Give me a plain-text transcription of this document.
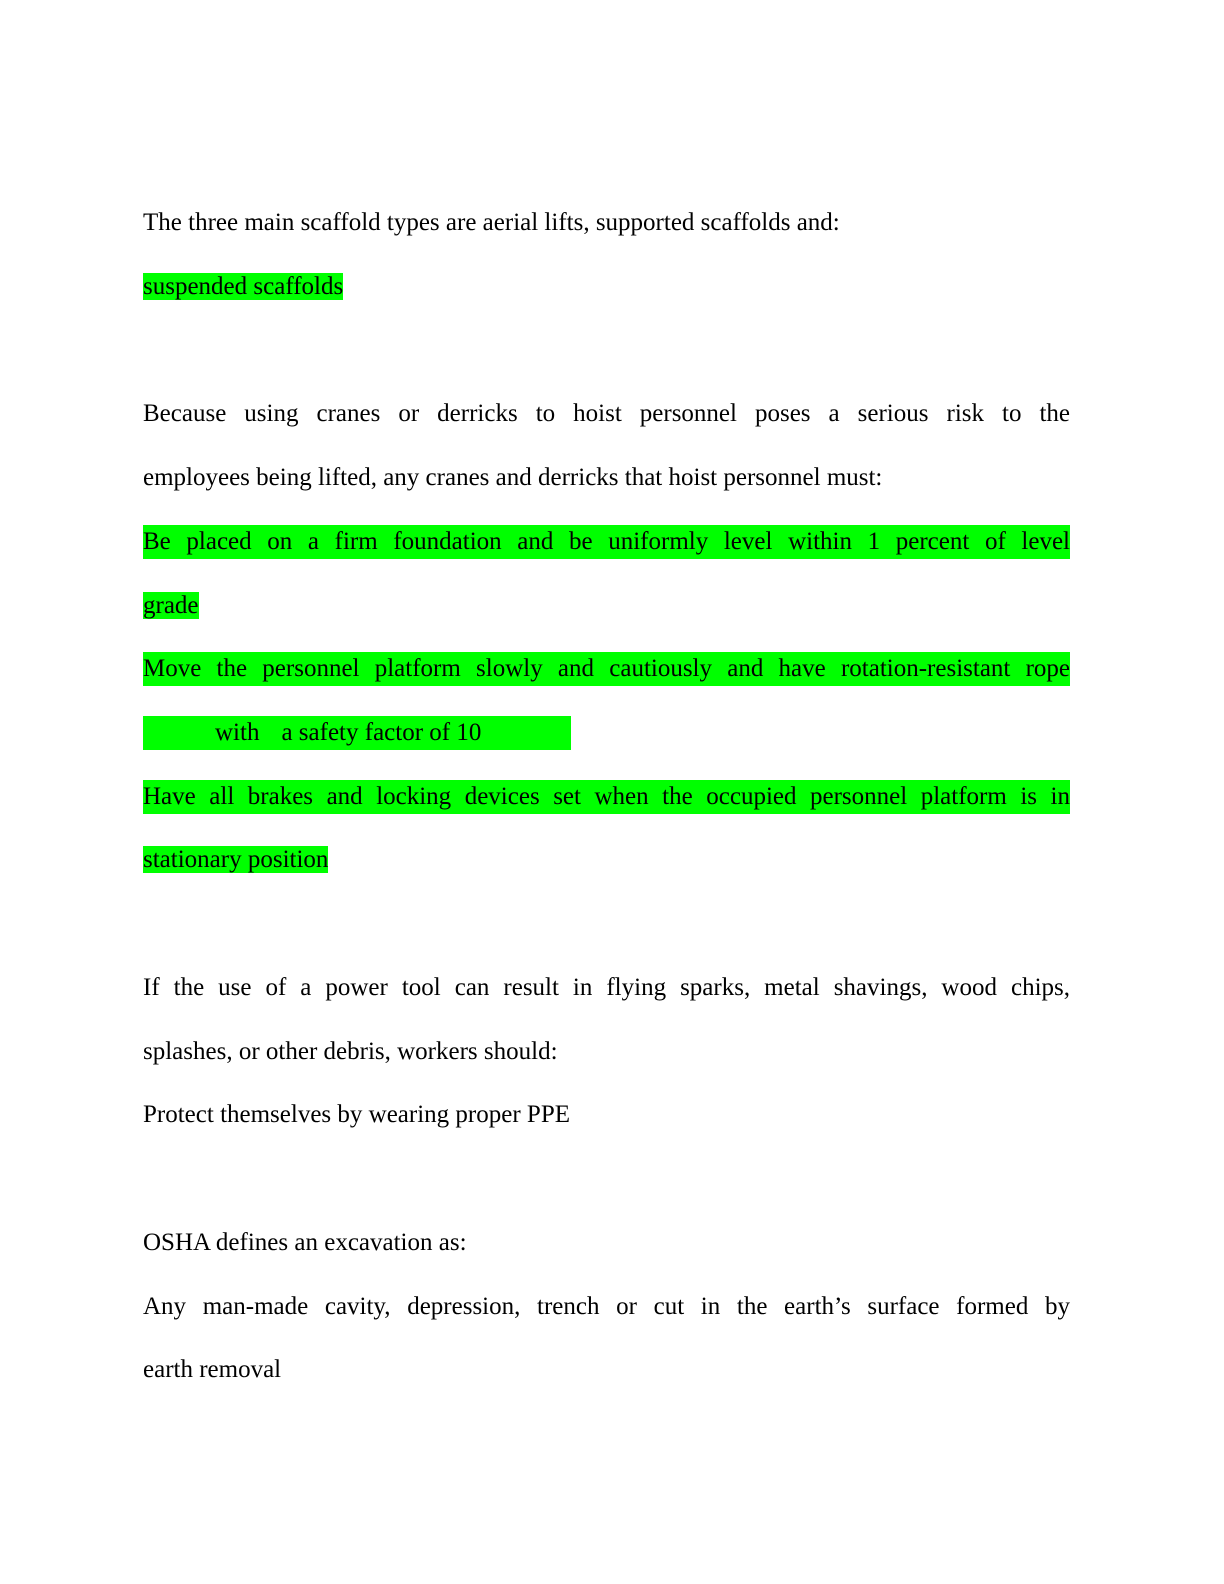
The three main scaffold types are aerial lifts, supported scaffolds and:
suspended scaffolds
Because using cranes or derricks to hoist personnel poses a serious risk to the
employees being lifted, any cranes and derricks that hoist personnel must:
Be placed on a firm foundation and be uniformly level within 1 percent of level
grade
Move the personnel platform slowly and cautiously and have rotation-resistant rope
with a safety factor of 10
Have all brakes and locking devices set when the occupied personnel platform is in
stationary position
If the use of a power tool can result in flying sparks, metal shavings, wood chips,
splashes, or other debris, workers should:
Protect themselves by wearing proper PPE
OSHA defines an excavation as:
Any man-made cavity, depression, trench or cut in the earth’s surface formed by
earth removal
